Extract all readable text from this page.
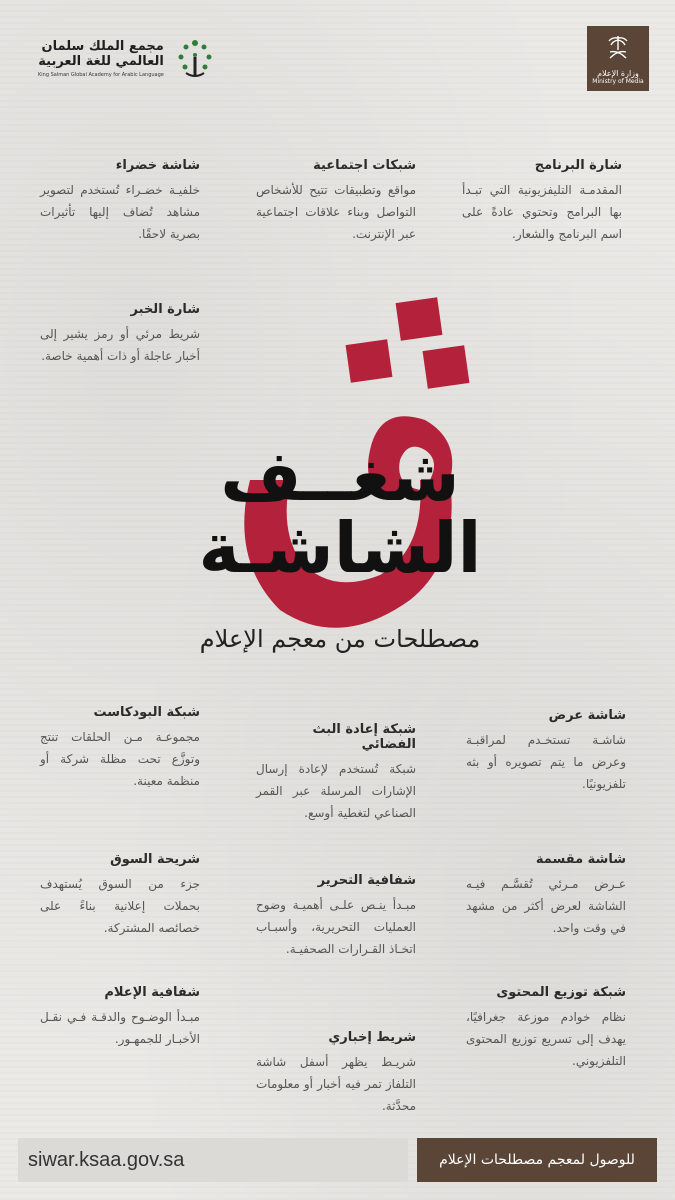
مجمع الملك سلمان
العالمي للغة العربية
King Salman Global Academy for Arabic Language	وزارة الإعلام
Ministry of Media
شارة البرنامج
المقدمـة التليفزيونية التي تبـدأ بها البرامج وتحتوي عادةً على اسم البرنامج والشعار.
شبكات اجتماعية
مواقع وتطبيقات تتيح للأشخاص التواصل وبناء علاقات اجتماعية عبر الإنترنت.
شاشة خضراء
خلفيـة خضـراء تُستخدم لتصوير مشاهد تُضاف إليها تأثيرات بصرية لاحقًا.
شارة الخبر
شريط مرئي أو رمز يشير إلى أخبار عاجلة أو ذات أهمية خاصة.
شغــف
الشاشـة
مصطلحات من معجم الإعلام
شاشة عرض
شاشـة تستخـدم لمراقبـة وعرض ما يتم تصويره أو بثه تلفزيونيًا.
شبكة إعادة البث الفضائي
شبكة تُستخدم لإعادة إرسال الإشارات المرسلة عبر القمر الصناعي لتغطية أوسع.
شبكة البودكاست
مجموعـة مـن الحلقات تنتج وتوزَّع تحت مظلة شركة أو منظمة معينة.
شاشة مقسمة
عـرض مـرئي تُقسَّـم فيـه الشاشة لعرض أكثر من مشهد في وقت واحد.
شفافية التحرير
مبـدأ ينـص علـى أهميـة وضوح العمليات التحريرية، وأسبـاب اتخـاذ القـرارات الصحفيـة.
شريحة السوق
جزء من السوق يُستهدف بحملات إعلانية بناءً على خصائصه المشتركة.
شبكة توزيع المحتوى
نظام خوادم موزعة جغرافيًا، يهدف إلى تسريع توزيع المحتوى التلفزيوني.
شريط إخباري
شريـط يظهر أسفل شاشة التلفاز تمر فيه أخبار أو معلومات محدَّثة.
شفافية الإعلام
مبـدأ الوضـوح والدقـة فـي نقـل الأخبـار للجمهـور.
siwar.ksaa.gov.sa	للوصول لمعجم مصطلحات الإعلام
